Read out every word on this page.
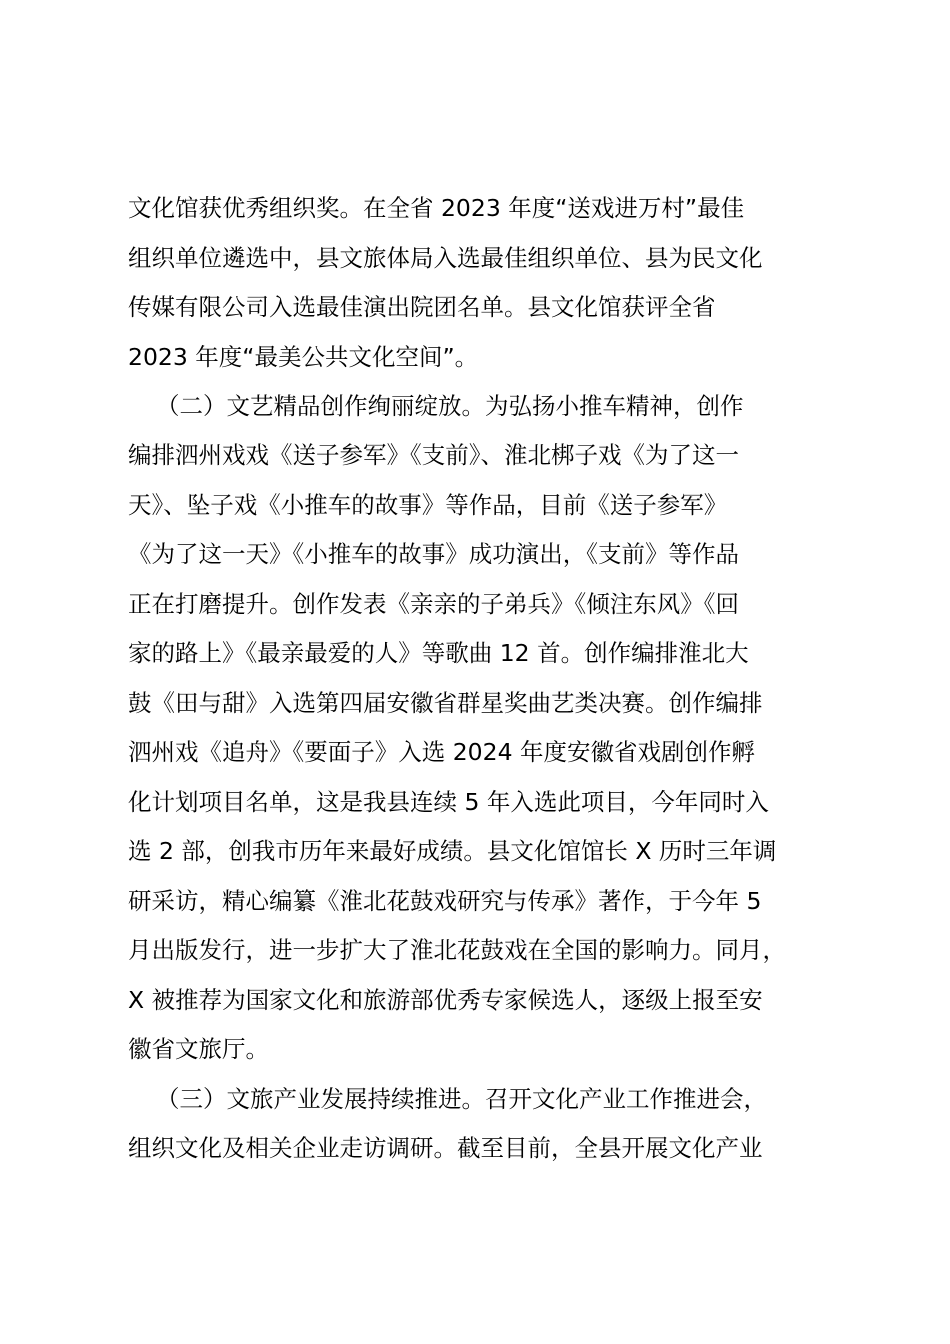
文化馆获优秀组织奖。在全省 2023 年度“送戏进万村”最佳

组织单位遴选中，县文旅体局入选最佳组织单位、县为民文化

传媒有限公司入选最佳演出院团名单。县文化馆获评全省

2023 年度“最美公共文化空间”。

（二）文艺精品创作绚丽绽放。为弘扬小推车精神，创作

编排泗州戏戏《送子参军》《支前》、淮北梆子戏《为了这一

天》、坠子戏《小推车的故事》等作品，目前《送子参军》

《为了这一天》《小推车的故事》成功演出，《支前》等作品

正在打磨提升。创作发表《亲亲的子弟兵》《倾注东风》《回

家的路上》《最亲最爱的人》等歌曲 12 首。创作编排淮北大

鼓《田与甜》入选第四届安徽省群星奖曲艺类决赛。创作编排

泗州戏《追舟》《要面子》入选 2024 年度安徽省戏剧创作孵

化计划项目名单，这是我县连续 5 年入选此项目，今年同时入

选 2 部，创我市历年来最好成绩。县文化馆馆长 X 历时三年调

研采访，精心编纂《淮北花鼓戏研究与传承》著作，于今年 5

月出版发行，进一步扩大了淮北花鼓戏在全国的影响力。同月，

X 被推荐为国家文化和旅游部优秀专家候选人，逐级上报至安

徽省文旅厅。

（三）文旅产业发展持续推进。召开文化产业工作推进会，

组织文化及相关企业走访调研。截至目前，全县开展文化产业
